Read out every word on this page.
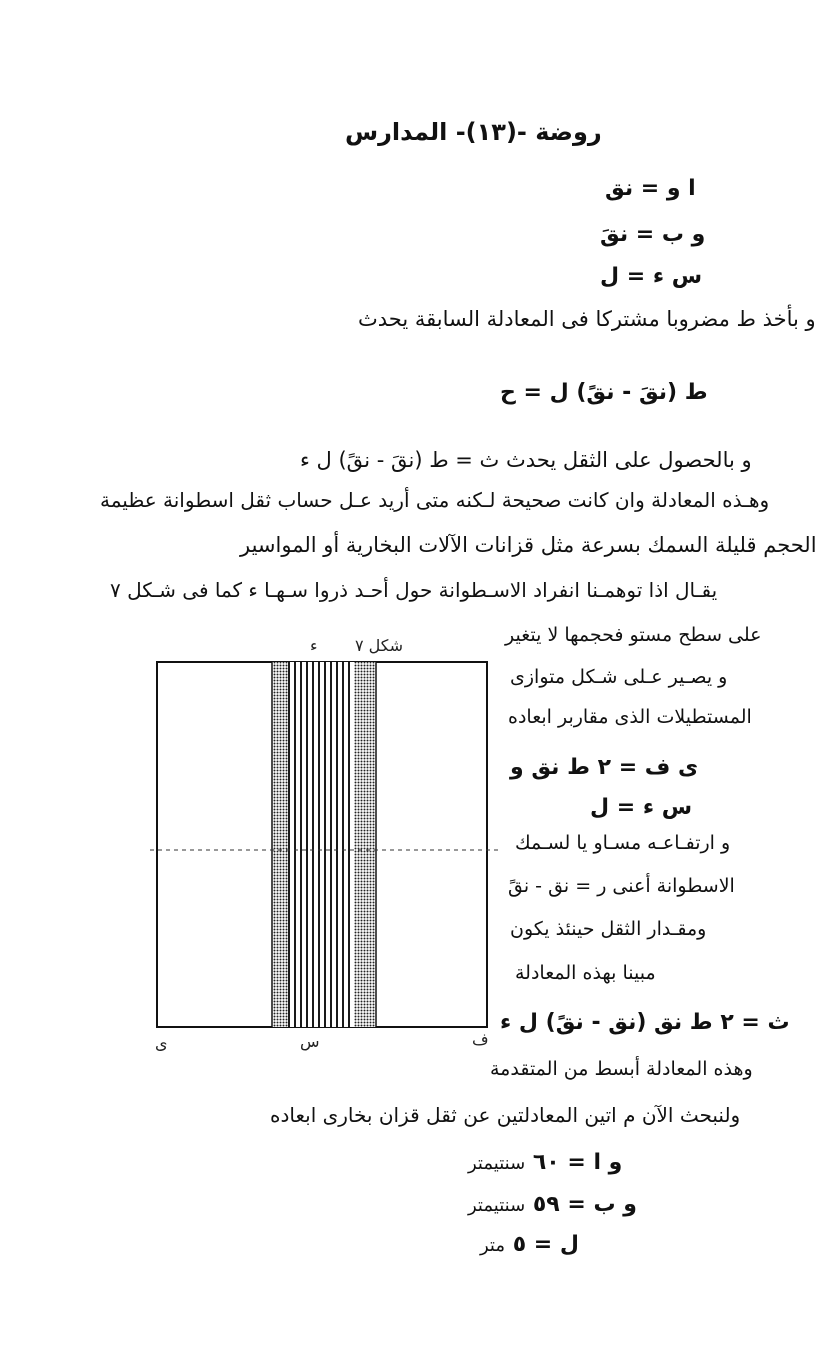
روضة -(١٣)- المدارس
ا و = نق
و ب = نقَ
س ء = ل
و بأخذ ط مضروبا مشتركا فى المعادلة السابقة يحدث
ط (نقَ - نقً) ل = ح
و بالحصول على الثقل يحدث ث = ط (نقَ - نقً) ل ء
وهـذه المعادلة وان كانت صحيحة لـكنه متى أريد عـل حساب ثقل اسطوانة عظيمة
الحجم قليلة السمك بسرعة مثل قزانات الآلات البخارية أو المواسير
يقـال اذا توهمـنا انفراد الاسـطوانة حول أحـد ذروا سـهـا ء كما فى شـكل ٧
شكل ٧
ء
ى	س	ف
على سطح مستو فحجمها لا يتغير
و يصـير عـلى شـكل متوازى
المستطيلات الذى مقاربر ابعاده
ى ف = ٢ ط نق و
س ء = ل
و ارتفـاعـه مسـاو يا لسـمك
الاسطوانة أعنى ر = نق - نقً
ومقـدار الثقل حينئذ يكون
مبينا بهذه المعادلة
ث = ٢ ط نق (نق - نقً) ل ء
وهذه المعادلة أبسط من المتقدمة
ولنبحث الآن م اتين المعادلتين عن ثقل قزان بخارى ابعاده
و ا = ٦٠ سنتيمتر
و ب = ٥٩ سنتيمتر
ل = ٥ متر
